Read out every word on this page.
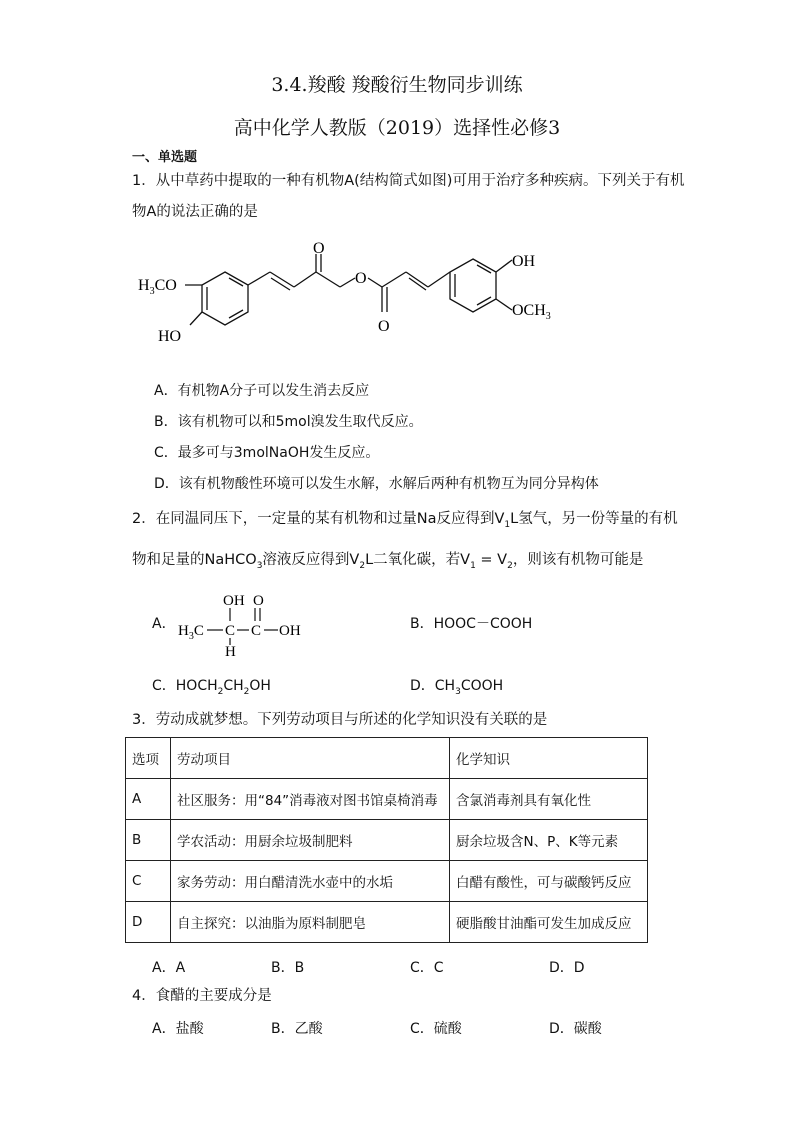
3.4.羧酸 羧酸衍生物同步训练
高中化学人教版（2019）选择性必修3
一、单选题
1．从中草药中提取的一种有机物A(结构简式如图)可用于治疗多种疾病。下列关于有机
物A的说法正确的是
$H_3CO$
HO
O
O
O
OH
$OCH_3$
A．有机物A分子可以发生消去反应
B．该有机物可以和5mol溴发生取代反应。
C．最多可与3molNaOH发生反应。
D．该有机物酸性环境可以发生水解，水解后两种有机物互为同分异构体
2．在同温同压下，一定量的某有机物和过量Na反应得到$V_1L$氢气，另一份等量的有机
物和足量的NaHCO$_3$溶液反应得到$V_2L$二氧化碳，若$V_1 = V_2$，则该有机物可能是
A．
OH O
$H_3C$ C C OH
H
B．HOOC－COOH
C．$HOCH_2CH_2OH$	D．$CH_3COOH$
3．劳动成就梦想。下列劳动项目与所述的化学知识没有关联的是
选项	劳动项目	化学知识
A	社区服务：用“84”消毒液对图书馆桌椅消毒	含氯消毒剂具有氧化性
B	学农活动：用厨余垃圾制肥料	厨余垃圾含N、P、K等元素
C	家务劳动：用白醋清洗水壶中的水垢	白醋有酸性，可与碳酸钙反应
D	自主探究：以油脂为原料制肥皂	硬脂酸甘油酯可发生加成反应
A．A	B．B	C．C	D．D
4．食醋的主要成分是
A．盐酸	B．乙酸	C．硫酸	D．碳酸
